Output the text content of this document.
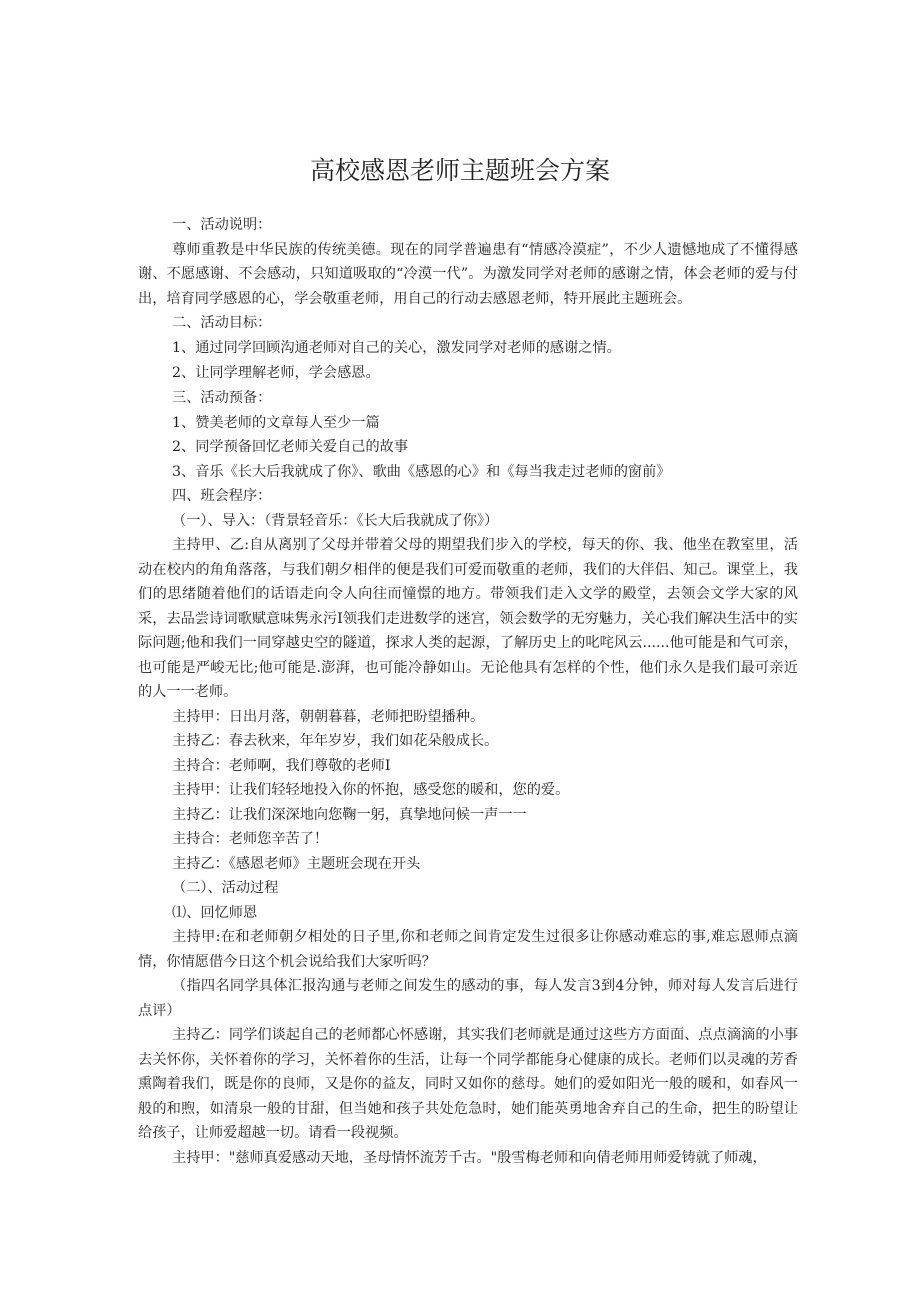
高校感恩老师主题班会方案

一、活动说明：

尊师重教是中华民族的传统美德。现在的同学普遍患有“情感冷漠症”，不少人遗憾地成了不懂得感谢、不愿感谢、不会感动，只知道吸取的“冷漠一代”。为激发同学对老师的感谢之情，体会老师的爱与付出，培育同学感恩的心，学会敬重老师，用自己的行动去感恩老师，特开展此主题班会。

二、活动目标：

1、通过同学回顾沟通老师对自己的关心，激发同学对老师的感谢之情。

2、让同学理解老师，学会感恩。

三、活动预备：

1、赞美老师的文章每人至少一篇

2、同学预备回忆老师关爱自己的故事

3、音乐《长大后我就成了你》、歌曲《感恩的心》和《每当我走过老师的窗前》

四、班会程序：

（一）、导入：（背景轻音乐：《长大后我就成了你》）

主持甲、乙:自从离别了父母并带着父母的期望我们步入的学校，每天的你、我、他坐在教室里，活动在校内的角角落落，与我们朝夕相伴的便是我们可爱而敬重的老师，我们的大伴侣、知己。课堂上，我们的思绪随着他们的话语走向令人向往而憧憬的地方。带领我们走入文学的殿堂，去领会文学大家的风采，去品尝诗词歌赋意味隽永污I领我们走进数学的迷宫，领会数学的无穷魅力，关心我们解决生活中的实际问题;他和我们一同穿越史空的隧道，探求人类的起源，了解历史上的叱咤风云......他可能是和气可亲，也可能是严峻无比;他可能是.澎湃，也可能冷静如山。无论他具有怎样的个性，他们永久是我们最可亲近的人一一老师。

主持甲：日出月落，朝朝暮暮，老师把盼望播种。

主持乙：春去秋来，年年岁岁，我们如花朵般成长。

主持合：老师啊，我们尊敬的老师I

主持甲：让我们轻轻地投入你的怀抱，感受您的暖和，您的爱。

主持乙：让我们深深地向您鞠一躬，真挚地问候一声一一

主持合：老师您辛苦了！

主持乙：《感恩老师》主题班会现在开头

（二）、活动过程

⑴、回忆师恩

主持甲:在和老师朝夕相处的日子里,你和老师之间肯定发生过很多让你感动难忘的事,难忘恩师点滴情，你情愿借今日这个机会说给我们大家听吗？

（指四名同学具体汇报沟通与老师之间发生的感动的事，每人发言3到4分钟，师对每人发言后进行点评）

主持乙：同学们谈起自己的老师都心怀感谢，其实我们老师就是通过这些方方面面、点点滴滴的小事去关怀你，关怀着你的学习，关怀着你的生活，让每一个同学都能身心健康的成长。老师们以灵魂的芳香熏陶着我们，既是你的良师，又是你的益友，同时又如你的慈母。她们的爱如阳光一般的暖和，如春风一般的和煦，如清泉一般的甘甜，但当她和孩子共处危急时，她们能英勇地舍弃自己的生命，把生的盼望让给孩子，让师爱超越一切。请看一段视频。

主持甲："慈师真爱感动天地，圣母情怀流芳千古。"殷雪梅老师和向倩老师用师爱铸就了师魂，
